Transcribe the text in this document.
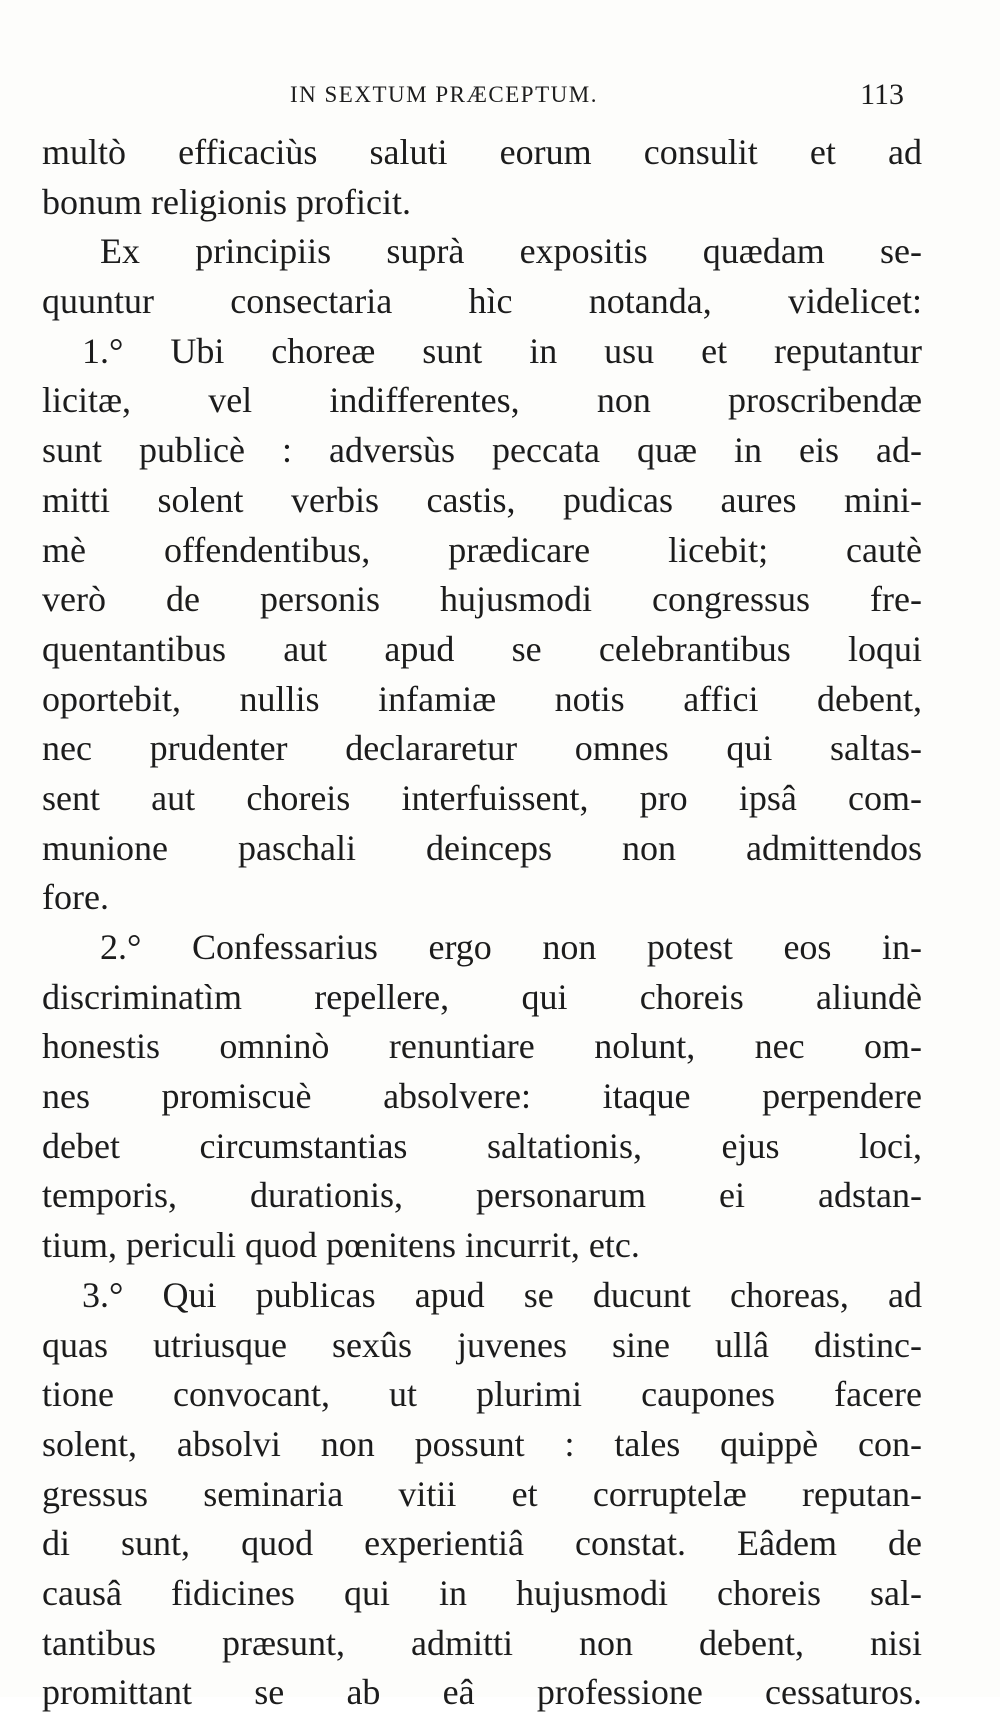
IN SEXTUM PRÆCEPTUM.	113
multò efficaciùs saluti eorum consulit et ad
bonum religionis proficit.
Ex principiis suprà expositis quædam se-
quuntur consectaria hìc notanda, videlicet:
1.° Ubi choreæ sunt in usu et reputantur
licitæ, vel indifferentes, non proscribendæ
sunt publicè : adversùs peccata quæ in eis ad-
mitti solent verbis castis, pudicas aures mini-
mè offendentibus, prædicare licebit; cautè
verò de personis hujusmodi congressus fre-
quentantibus aut apud se celebrantibus loqui
oportebit, nullis infamiæ notis affici debent,
nec prudenter declararetur omnes qui saltas-
sent aut choreis interfuissent, pro ipsâ com-
munione paschali deinceps non admittendos
fore.
2.° Confessarius ergo non potest eos in-
discriminatìm repellere, qui choreis aliundè
honestis omninò renuntiare nolunt, nec om-
nes promiscuè absolvere: itaque perpendere
debet circumstantias saltationis, ejus loci,
temporis, durationis, personarum ei adstan-
tium, periculi quod pœnitens incurrit, etc.
3.° Qui publicas apud se ducunt choreas, ad
quas utriusque sexûs juvenes sine ullâ distinc-
tione convocant, ut plurimi caupones facere
solent, absolvi non possunt : tales quippè con-
gressus seminaria vitii et corruptelæ reputan-
di sunt, quod experientiâ constat. Eâdem de
causâ fidicines qui in hujusmodi choreis sal-
tantibus præsunt, admitti non debent, nisi
promittant se ab eâ professione cessaturos.
